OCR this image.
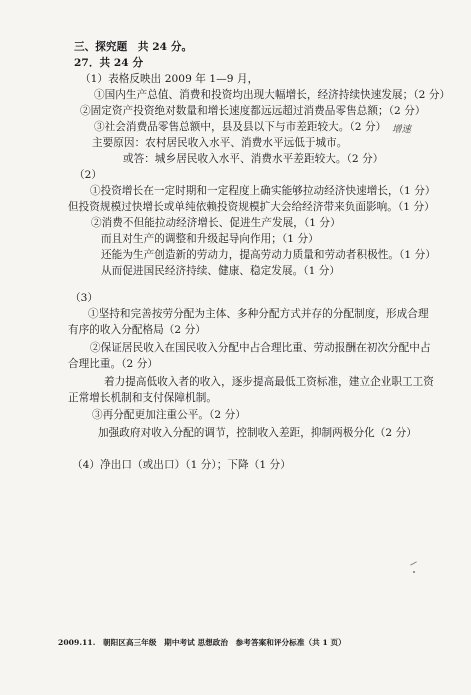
三、探究题　共 24 分。
27．共 24 分
（1）表格反映出 2009 年 1—9 月，
①国内生产总值、消费和投资均出现大幅增长，经济持续快速发展；（2 分）
②固定资产投资绝对数量和增长速度都远远超过消费品零售总额；（2 分）
③社会消费品零售总额中，县及县以下与市差距较大。（2 分） 增速
主要原因：农村居民收入水平、消费水平远低于城市。
或答：城乡居民收入水平、消费水平差距较大。（2 分）
（2）
①投资增长在一定时期和一定程度上确实能够拉动经济快速增长，（1 分）
但投资规模过快增长或单纯依赖投资规模扩大会给经济带来负面影响。（1 分）
②消费不但能拉动经济增长、促进生产发展，（1 分）
而且对生产的调整和升级起导向作用；（1 分）
还能为生产创造新的劳动力，提高劳动力质量和劳动者积极性。（1 分）
从而促进国民经济持续、健康、稳定发展。（1 分）
（3）
①坚持和完善按劳分配为主体、多种分配方式并存的分配制度，形成合理
有序的收入分配格局（2 分）
②保证居民收入在国民收入分配中占合理比重、劳动报酬在初次分配中占
合理比重。（2 分）
着力提高低收入者的收入，逐步提高最低工资标准，建立企业职工工资
正常增长机制和支付保障机制。
③再分配更加注重公平。（2 分）
加强政府对收入分配的调节，控制收入差距，抑制两极分化（2 分）
（4）净出口（或出口）（1 分）；下降（1 分）
2009.11.　朝阳区高三年级　期中考试 思想政治　参考答案和评分标准（共 1 页）
